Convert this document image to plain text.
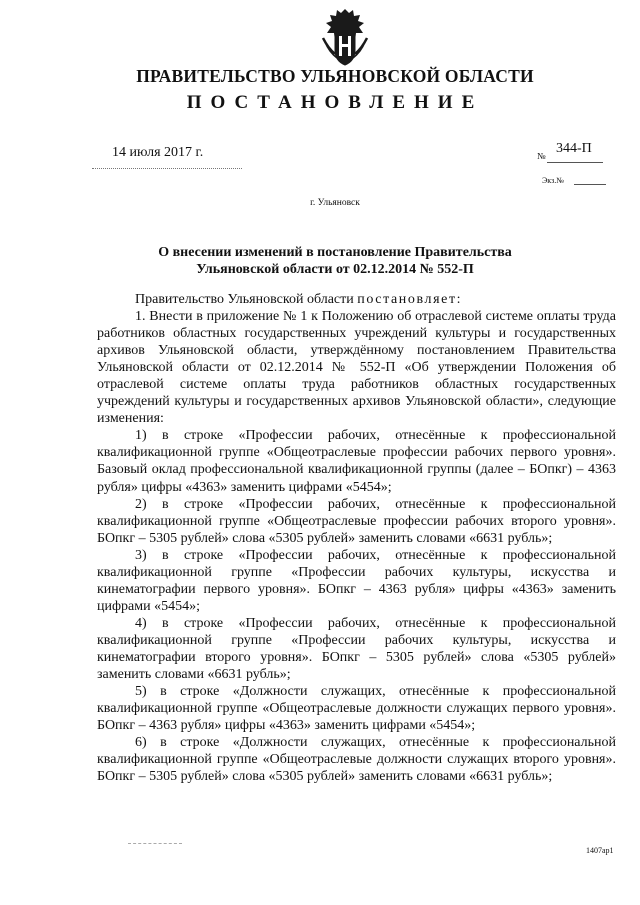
ПРАВИТЕЛЬСТВО УЛЬЯНОВСКОЙ ОБЛАСТИ
ПОСТАНОВЛЕНИЕ
14 июля 2017 г.	№ 344-П
Экз.№
г. Ульяновск
О внесении изменений в постановление Правительства
Ульяновской области от 02.12.2014 № 552-П

Правительство Ульяновской области постановляет:

1. Внести в приложение № 1 к Положению об отраслевой системе оплаты труда работников областных государственных учреждений культуры и государственных архивов Ульяновской области, утверждённому постановлением Правительства Ульяновской области от 02.12.2014 № 552-П «Об утверждении Положения об отраслевой системе оплаты труда работников областных государственных учреждений культуры и государственных архивов Ульяновской области», следующие изменения:

1) в строке «Профессии рабочих, отнесённые к профессиональной квалификационной группе «Общеотраслевые профессии рабочих первого уровня». Базовый оклад профессиональной квалификационной группы (далее – БОпкг) – 4363 рубля» цифры «4363» заменить цифрами «5454»;

2) в строке «Профессии рабочих, отнесённые к профессиональной квалификационной группе «Общеотраслевые профессии рабочих второго уровня». БОпкг – 5305 рублей» слова «5305 рублей» заменить словами «6631 рубль»;

3) в строке «Профессии рабочих, отнесённые к профессиональной квалификационной группе «Профессии рабочих культуры, искусства и кинематографии первого уровня». БОпкг – 4363 рубля» цифры «4363» заменить цифрами «5454»;

4) в строке «Профессии рабочих, отнесённые к профессиональной квалификационной группе «Профессии рабочих культуры, искусства и кинематографии второго уровня». БОпкг – 5305 рублей» слова «5305 рублей» заменить словами «6631 рубль»;

5) в строке «Должности служащих, отнесённые к профессиональной квалификационной группе «Общеотраслевые должности служащих первого уровня». БОпкг – 4363 рубля» цифры «4363» заменить цифрами «5454»;

6) в строке «Должности служащих, отнесённые к профессиональной квалификационной группе «Общеотраслевые должности служащих второго уровня». БОпкг – 5305 рублей» слова «5305 рублей» заменить словами «6631 рубль»;

1407ap1
